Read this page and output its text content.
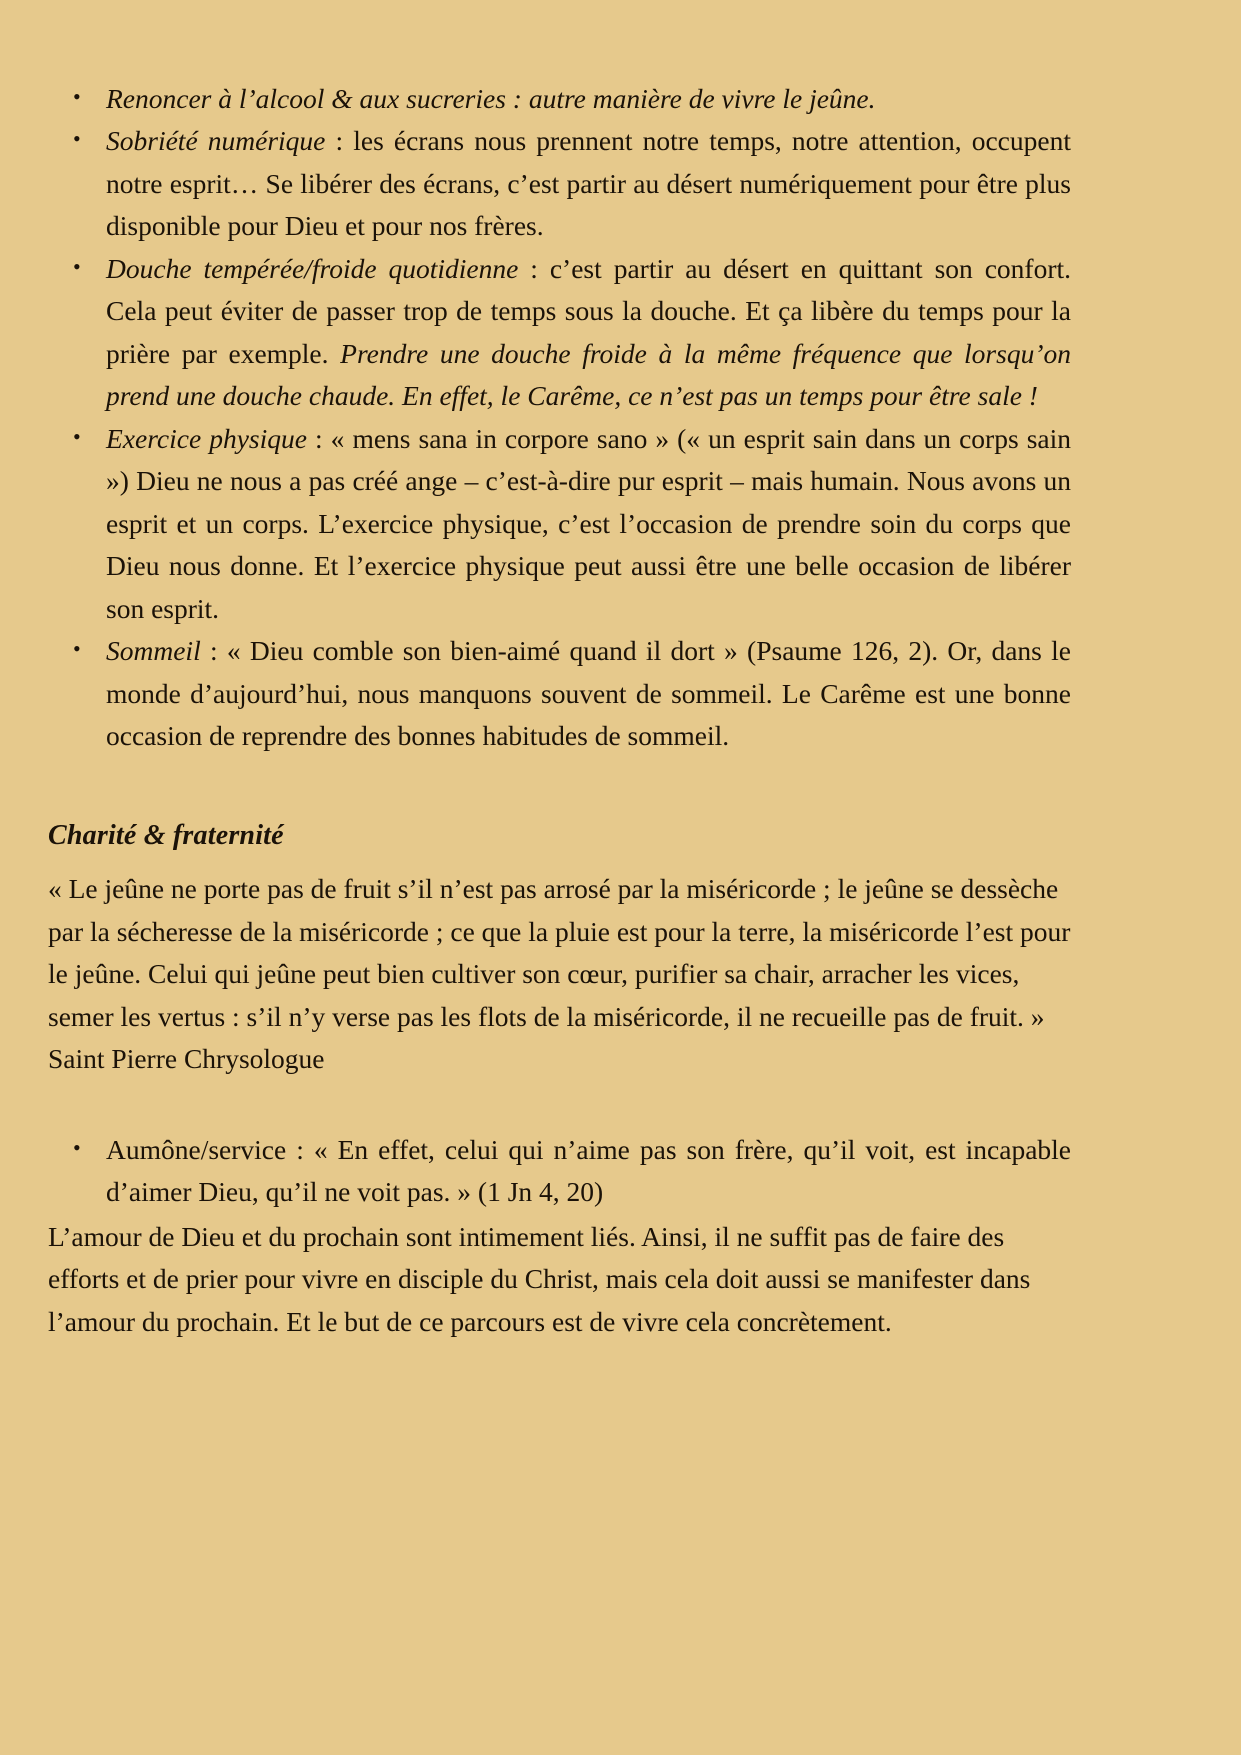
• Renoncer à l’alcool & aux sucreries : autre manière de vivre le jeûne.
• Sobriété numérique : les écrans nous prennent notre temps, notre attention, occupent notre esprit… Se libérer des écrans, c’est partir au désert numériquement pour être plus disponible pour Dieu et pour nos frères.
• Douche tempérée/froide quotidienne : c’est partir au désert en quittant son confort. Cela peut éviter de passer trop de temps sous la douche. Et ça libère du temps pour la prière par exemple. Prendre une douche froide à la même fréquence que lorsqu’on prend une douche chaude. En effet, le Carême, ce n’est pas un temps pour être sale !
• Exercice physique : « mens sana in corpore sano » (« un esprit sain dans un corps sain ») Dieu ne nous a pas créé ange – c’est-à-dire pur esprit – mais humain. Nous avons un esprit et un corps. L’exercice physique, c’est l’occasion de prendre soin du corps que Dieu nous donne. Et l’exercice physique peut aussi être une belle occasion de libérer son esprit.
• Sommeil : « Dieu comble son bien-aimé quand il dort » (Psaume 126, 2). Or, dans le monde d’aujourd’hui, nous manquons souvent de sommeil. Le Carême est une bonne occasion de reprendre des bonnes habitudes de sommeil.
Charité & fraternité

« Le jeûne ne porte pas de fruit s’il n’est pas arrosé par la miséricorde ; le jeûne se dessèche par la sécheresse de la miséricorde ; ce que la pluie est pour la terre, la miséricorde l’est pour le jeûne. Celui qui jeûne peut bien cultiver son cœur, purifier sa chair, arracher les vices, semer les vertus : s’il n’y verse pas les flots de la miséricorde, il ne recueille pas de fruit. » Saint Pierre Chrysologue

• Aumône/service : « En effet, celui qui n’aime pas son frère, qu’il voit, est incapable d’aimer Dieu, qu’il ne voit pas. » (1 Jn 4, 20)

L’amour de Dieu et du prochain sont intimement liés. Ainsi, il ne suffit pas de faire des efforts et de prier pour vivre en disciple du Christ, mais cela doit aussi se manifester dans l’amour du prochain. Et le but de ce parcours est de vivre cela concrètement.
